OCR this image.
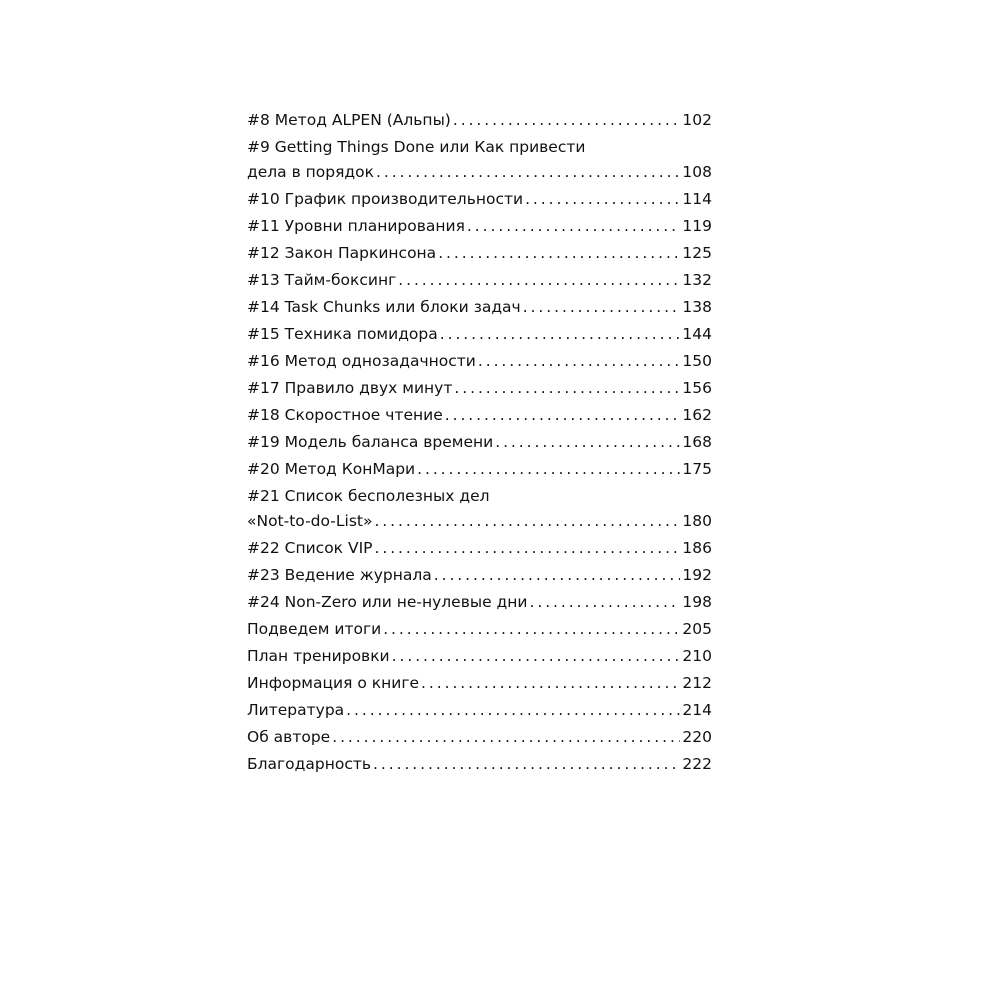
#8 Метод ALPEN (Альпы) . . .	102
#9 Getting Things Done или Как привести
дела в порядок . . .	108
#10 График производительности . . .	114
#11 Уровни планирования . . .	119
#12 Закон Паркинсона . . .	125
#13 Тайм-боксинг . . .	132
#14 Task Chunks или блоки задач . . .	138
#15 Техника помидора . . .	144
#16 Метод однозадачности . . .	150
#17 Правило двух минут . . .	156
#18 Скоростное чтение . . .	162
#19 Модель баланса времени . . .	168
#20 Метод КонМари . . .	175
#21 Список бесполезных дел
«Not-to-do-List» . . .	180
#22 Список VIP . . .	186
#23 Ведение журнала . . .	192
#24 Non-Zero или не-нулевые дни . . .	198
Подведем итоги . . .	205
План тренировки . . .	210
Информация о книге . . .	212
Литература . . .	214
Об авторе . . .	220
Благодарность . . .	222
